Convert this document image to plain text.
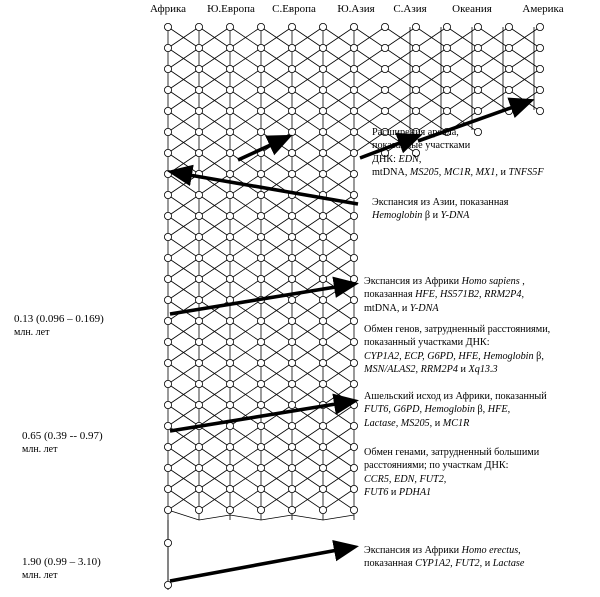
Африка Ю.Европа С.Европа Ю.Азия С.Азия Океания	Америка
0.13 (0.096 – 0.169)
млн. лет
0.65 (0.39 -- 0.97)
млн. лет
1.90 (0.99 – 3.10)
млн. лет
Расширения ареала,
показанные участками
ДНК: EDN,
mtDNA, MS205, MC1R, MX1, и TNFS5F
Экспансия из Азии, показанная
Hemoglobin β и Y-DNA
Экспансия из Африки Homo sapiens ,
показанная HFE, HS571B2, RRM2P4,
mtDNA, и Y-DNA
Обмен генов, затрудненный расстояниями,
показанный участками ДНК:
CYP1A2, ECP, G6PD, HFE, Hemoglobin β,
MSN/ALAS2, RRM2P4 и Xq13.3
Ашельский исход из Африки, показанный
FUT6, G6PD, Hemoglobin β, HFE,
Lactase, MS205, и MC1R
Обмен генами, затрудненный большими
расстояниями; по участкам ДНК:
CCR5, EDN, FUT2,
FUT6 и PDHA1
Экспансия из Африки Homo erectus,
показанная CYP1A2, FUT2, и Lactase
